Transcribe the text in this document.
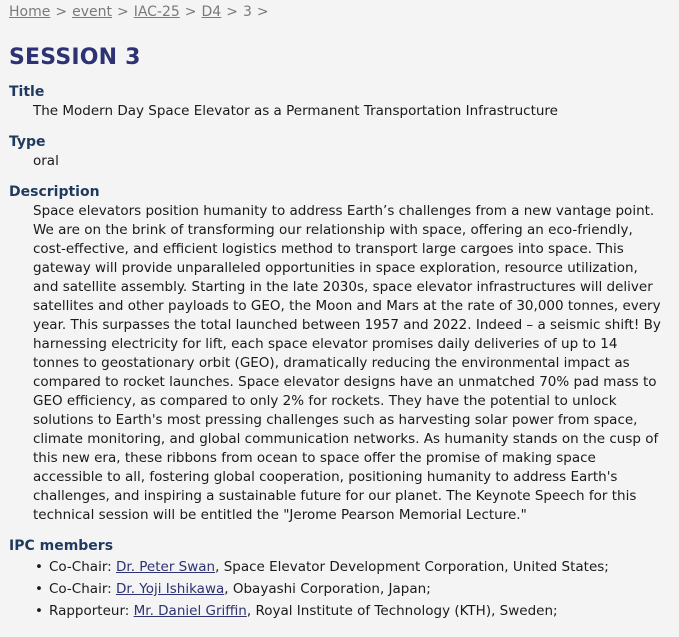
Home > event > IAC-25 > D4 > 3 >
SESSION 3
Title
The Modern Day Space Elevator as a Permanent Transportation Infrastructure
Type
oral
Description
Space elevators position humanity to address Earth’s challenges from a new vantage point. We are on the brink of transforming our relationship with space, offering an eco-friendly, cost-effective, and efficient logistics method to transport large cargoes into space. This gateway will provide unparalleled opportunities in space exploration, resource utilization, and satellite assembly. Starting in the late 2030s, space elevator infrastructures will deliver satellites and other payloads to GEO, the Moon and Mars at the rate of 30,000 tonnes, every year. This surpasses the total launched between 1957 and 2022. Indeed – a seismic shift! By harnessing electricity for lift, each space elevator promises daily deliveries of up to 14 tonnes to geostationary orbit (GEO), dramatically reducing the environmental impact as compared to rocket launches. Space elevator designs have an unmatched 70% pad mass to GEO efficiency, as compared to only 2% for rockets. They have the potential to unlock solutions to Earth's most pressing challenges such as harvesting solar power from space, climate monitoring, and global communication networks. As humanity stands on the cusp of this new era, these ribbons from ocean to space offer the promise of making space accessible to all, fostering global cooperation, positioning humanity to address Earth's challenges, and inspiring a sustainable future for our planet. The Keynote Speech for this technical session will be entitled the "Jerome Pearson Memorial Lecture."
IPC members
• Co-Chair: Dr. Peter Swan, Space Elevator Development Corporation, United States;
• Co-Chair: Dr. Yoji Ishikawa, Obayashi Corporation, Japan;
• Rapporteur: Mr. Daniel Griffin, Royal Institute of Technology (KTH), Sweden;
